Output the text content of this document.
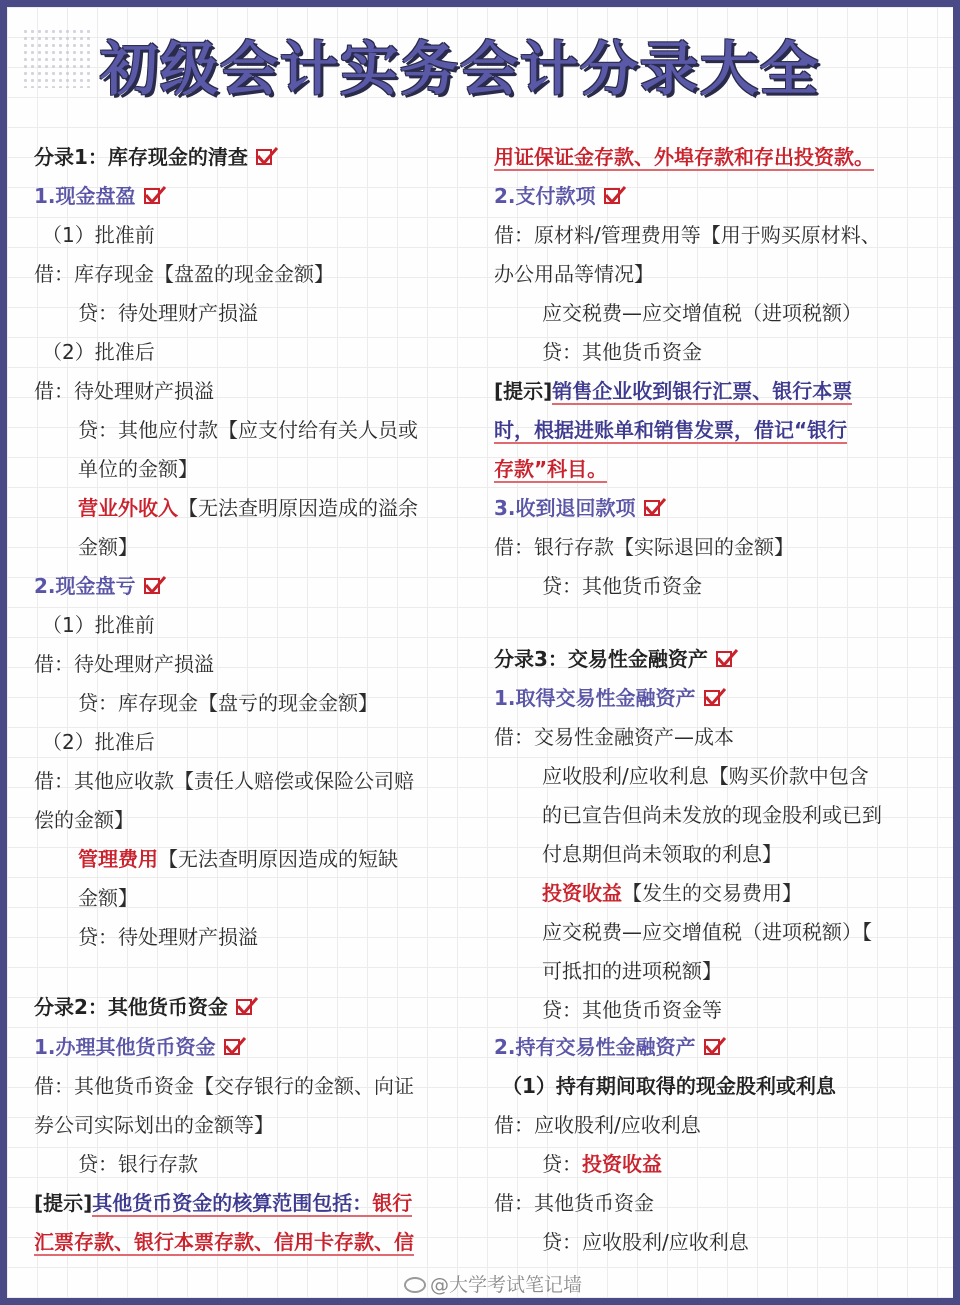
初级会计实务会计分录大全
分录1：库存现金的清查
1.现金盘盈
（1）批准前
借：库存现金【盘盈的现金金额】
贷：待处理财产损溢
（2）批准后
借：待处理财产损溢
贷：其他应付款【应支付给有关人员或
单位的金额】
营业外收入【无法查明原因造成的溢余
金额】
2.现金盘亏
（1）批准前
借：待处理财产损溢
贷：库存现金【盘亏的现金金额】
（2）批准后
借：其他应收款【责任人赔偿或保险公司赔
偿的金额】
管理费用【无法查明原因造成的短缺
金额】
贷：待处理财产损溢
分录2：其他货币资金
1.办理其他货币资金
借：其他货币资金【交存银行的金额、向证
券公司实际划出的金额等】
贷：银行存款
[提示]其他货币资金的核算范围包括：银行
汇票存款、银行本票存款、信用卡存款、信
用证保证金存款、外埠存款和存出投资款。
2.支付款项
借：原材料/管理费用等【用于购买原材料、
办公用品等情况】
应交税费—应交增值税（进项税额）
贷：其他货币资金
[提示]销售企业收到银行汇票、银行本票
时，根据进账单和销售发票，借记“银行
存款”科目。
3.收到退回款项
借：银行存款【实际退回的金额】
贷：其他货币资金
分录3：交易性金融资产
1.取得交易性金融资产
借：交易性金融资产—成本
应收股利/应收利息【购买价款中包含
的已宣告但尚未发放的现金股利或已到
付息期但尚未领取的利息】
投资收益【发生的交易费用】
应交税费—应交增值税（进项税额）【
可抵扣的进项税额】
贷：其他货币资金等
2.持有交易性金融资产
（1）持有期间取得的现金股利或利息
借：应收股利/应收利息
贷：投资收益
借：其他货币资金
贷：应收股利/应收利息
@大学考试笔记墙
